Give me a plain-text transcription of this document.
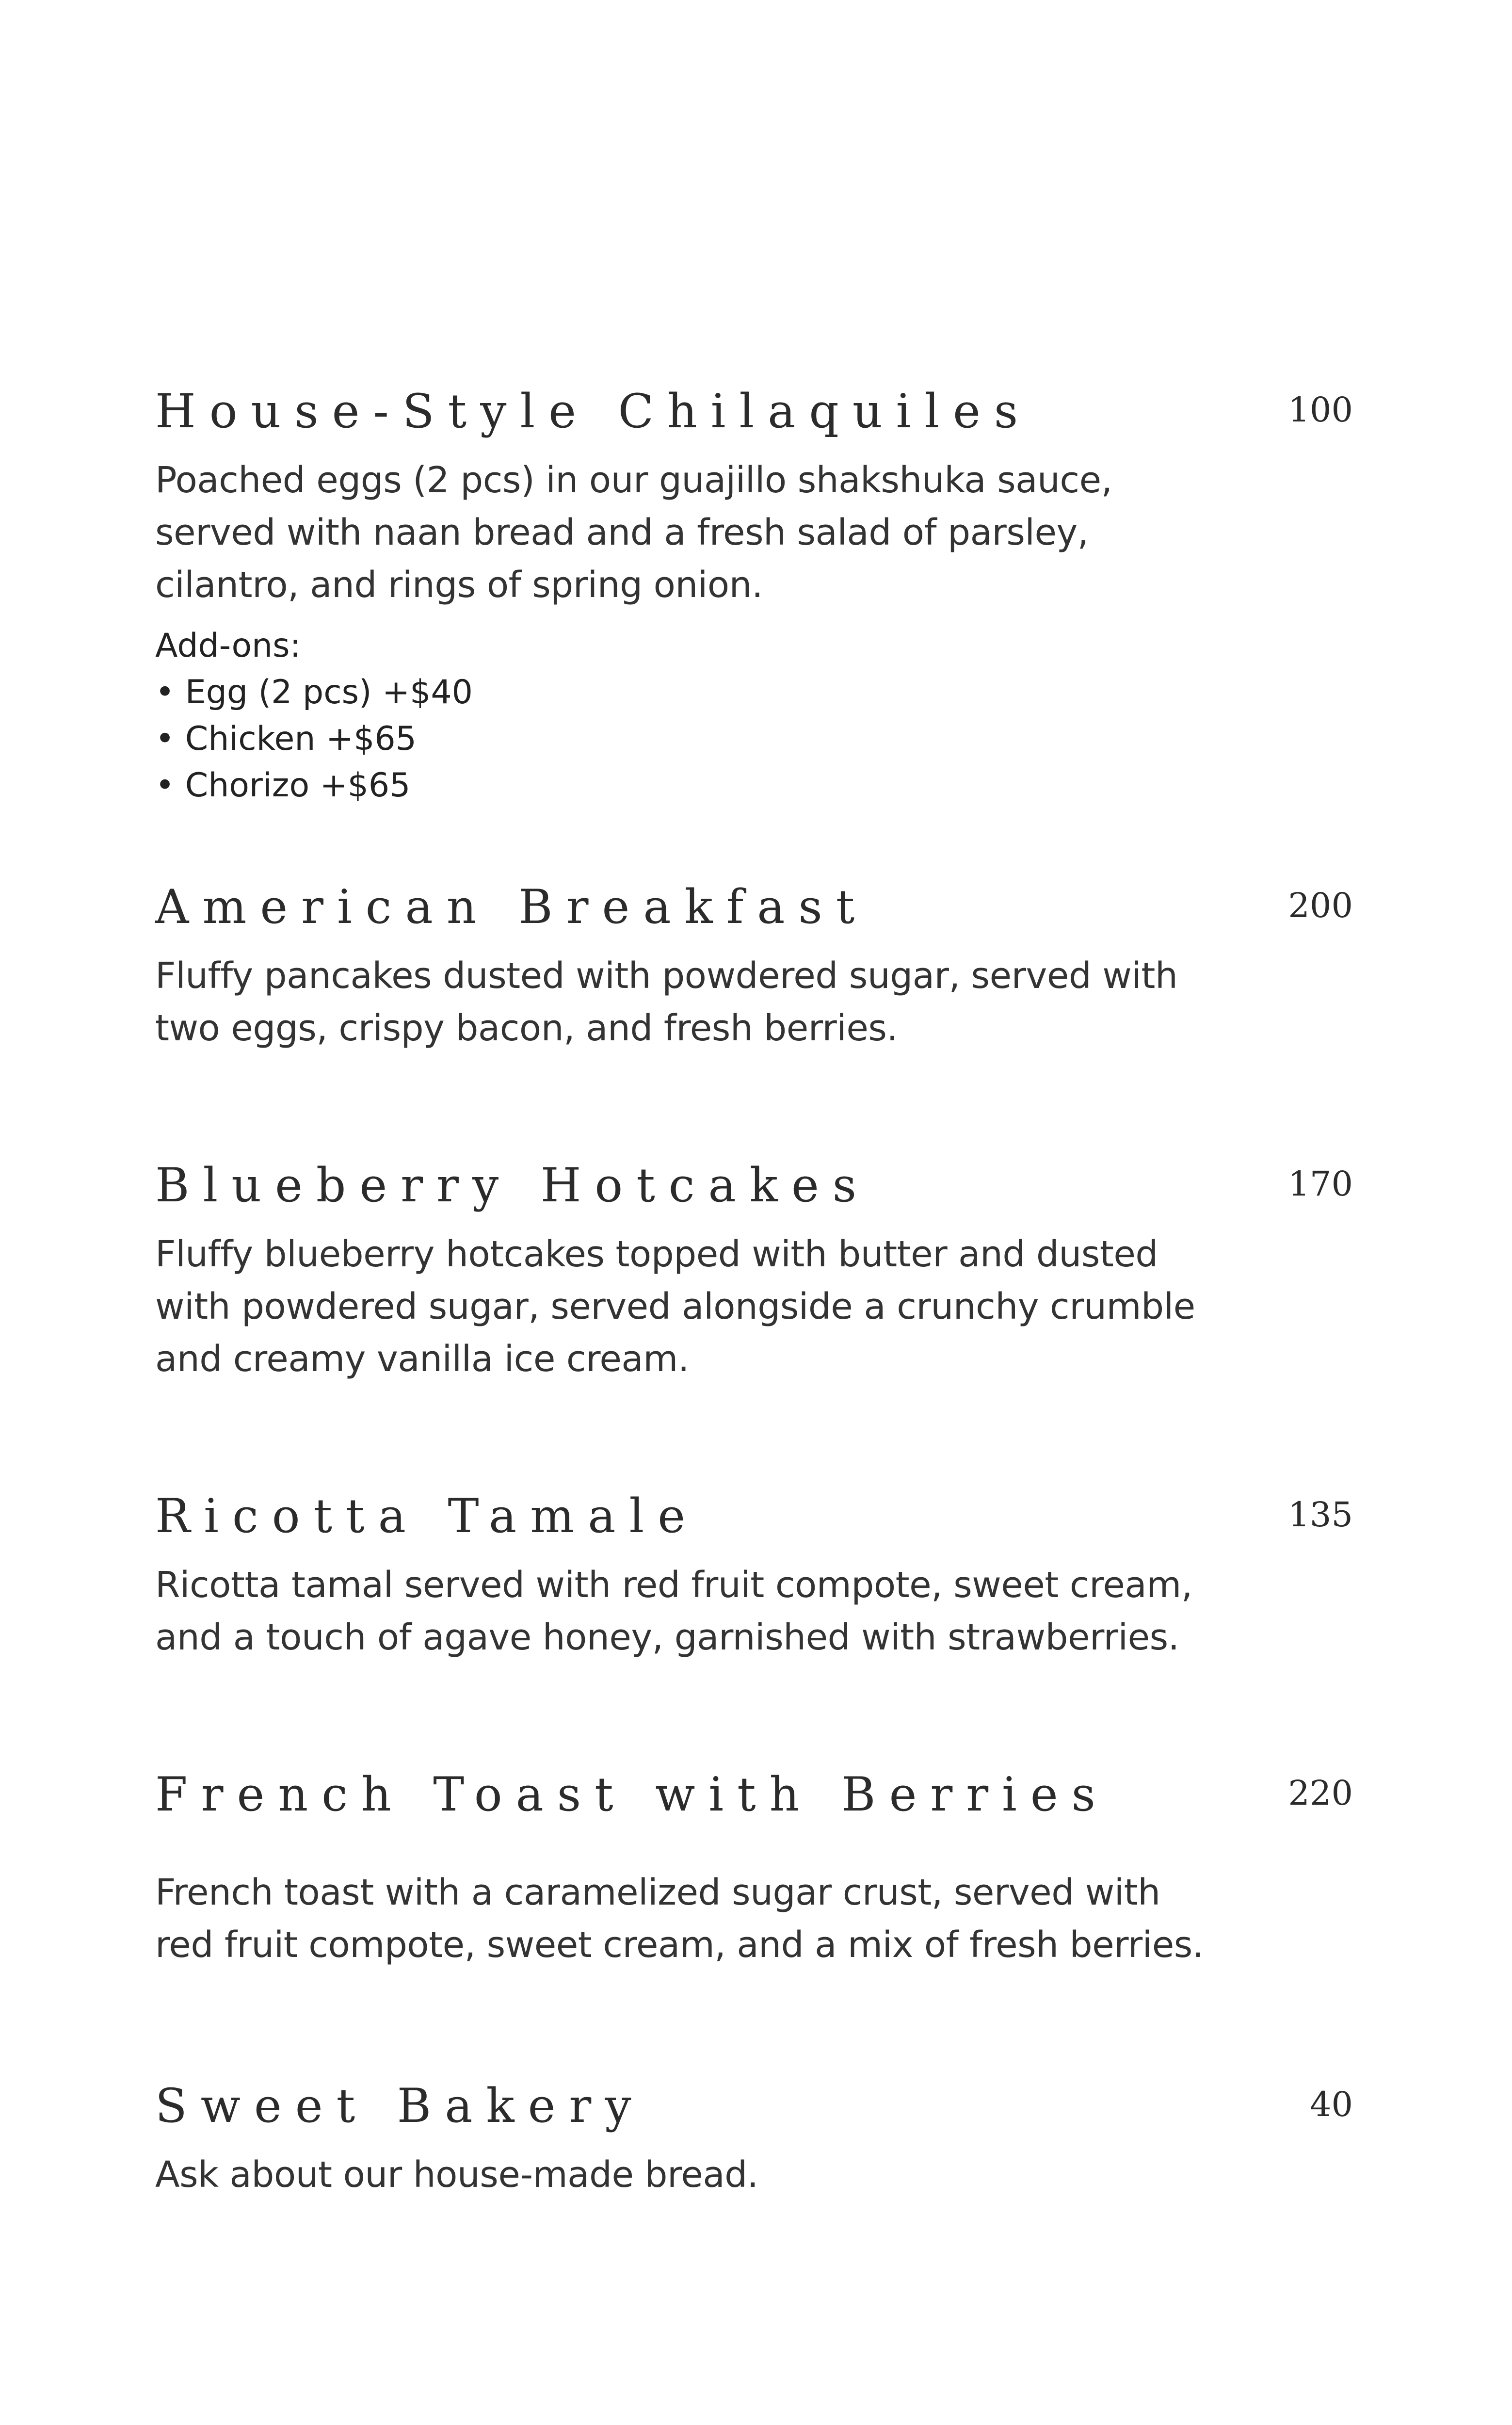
House-Style Chilaquiles	100

Poached eggs (2 pcs) in our guajillo shakshuka sauce, served with naan bread and a fresh salad of parsley, cilantro, and rings of spring onion.

Add-ons:
• Egg (2 pcs) +$40
• Chicken +$65
• Chorizo +$65
American Breakfast	200

Fluffy pancakes dusted with powdered sugar, served with two eggs, crispy bacon, and fresh berries.

Blueberry Hotcakes	170

Fluffy blueberry hotcakes topped with butter and dusted with powdered sugar, served alongside a crunchy crumble and creamy vanilla ice cream.

Ricotta Tamale	135

Ricotta tamal served with red fruit compote, sweet cream, and a touch of agave honey, garnished with strawberries.

French Toast with Berries	220

French toast with a caramelized sugar crust, served with red fruit compote, sweet cream, and a mix of fresh berries.

Sweet Bakery	40

Ask about our house-made bread.
